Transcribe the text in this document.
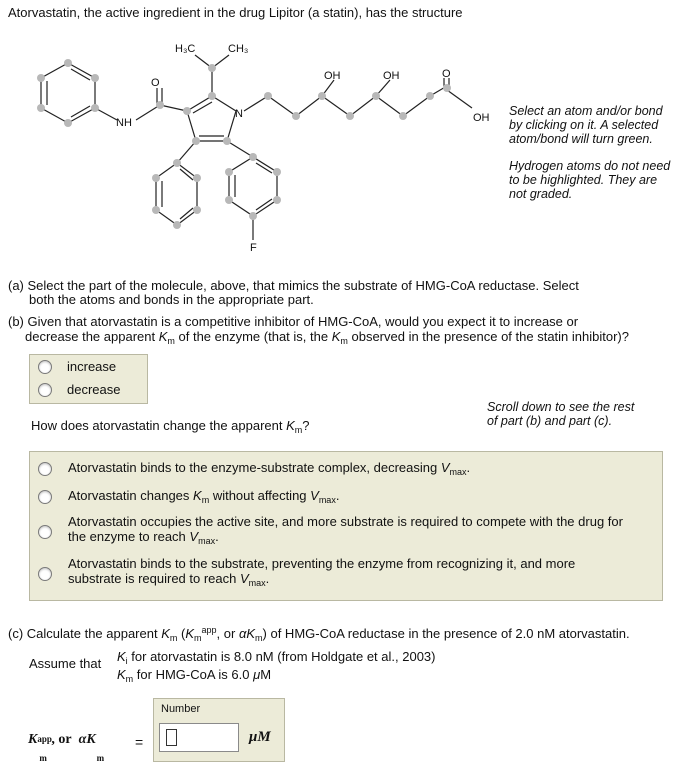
Atorvastatin, the active ingredient in the drug Lipitor (a statin), has the structure
H₃C	CH₃
OH	OH
OH
O
O
NH
N
F
Select an atom and/or bond
by clicking on it. A selected
atom/bond will turn green.
Hydrogen atoms do not need
to be highlighted. They are
not graded.
(a) Select the part of the molecule, above, that mimics the substrate of HMG-CoA reductase. Select
both the atoms and bonds in the appropriate part.
(b) Given that atorvastatin is a competitive inhibitor of HMG-CoA, would you expect it to increase or
decrease the apparent $K_m$ of the enzyme (that is, the $K_m$ observed in the presence of the statin inhibitor)?
increase
decrease
How does atorvastatin change the apparent $K_m$?
Scroll down to see the rest
of part (b) and part (c).
Atorvastatin binds to the enzyme-substrate complex, decreasing $V_{max}$.
Atorvastatin changes $K_m$ without affecting $V_{max}$.
Atorvastatin occupies the active site, and more substrate is required to compete with the drug for
the enzyme to reach $V_{max}$.
Atorvastatin binds to the substrate, preventing the enzyme from recognizing it, and more
substrate is required to reach $V_{max}$.
(c) Calculate the apparent $K_m$ ($K_m^{app}$, or $\alpha K_m$) of HMG-CoA reductase in the presence of 2.0 nM atorvastatin.
Assume that $K_i$ for atorvastatin is 8.0 nM (from Holdgate et al., 2003)
$K_m$ for HMG-CoA is 6.0 μM
K app
m
, or αK
m
=
Number
μM
